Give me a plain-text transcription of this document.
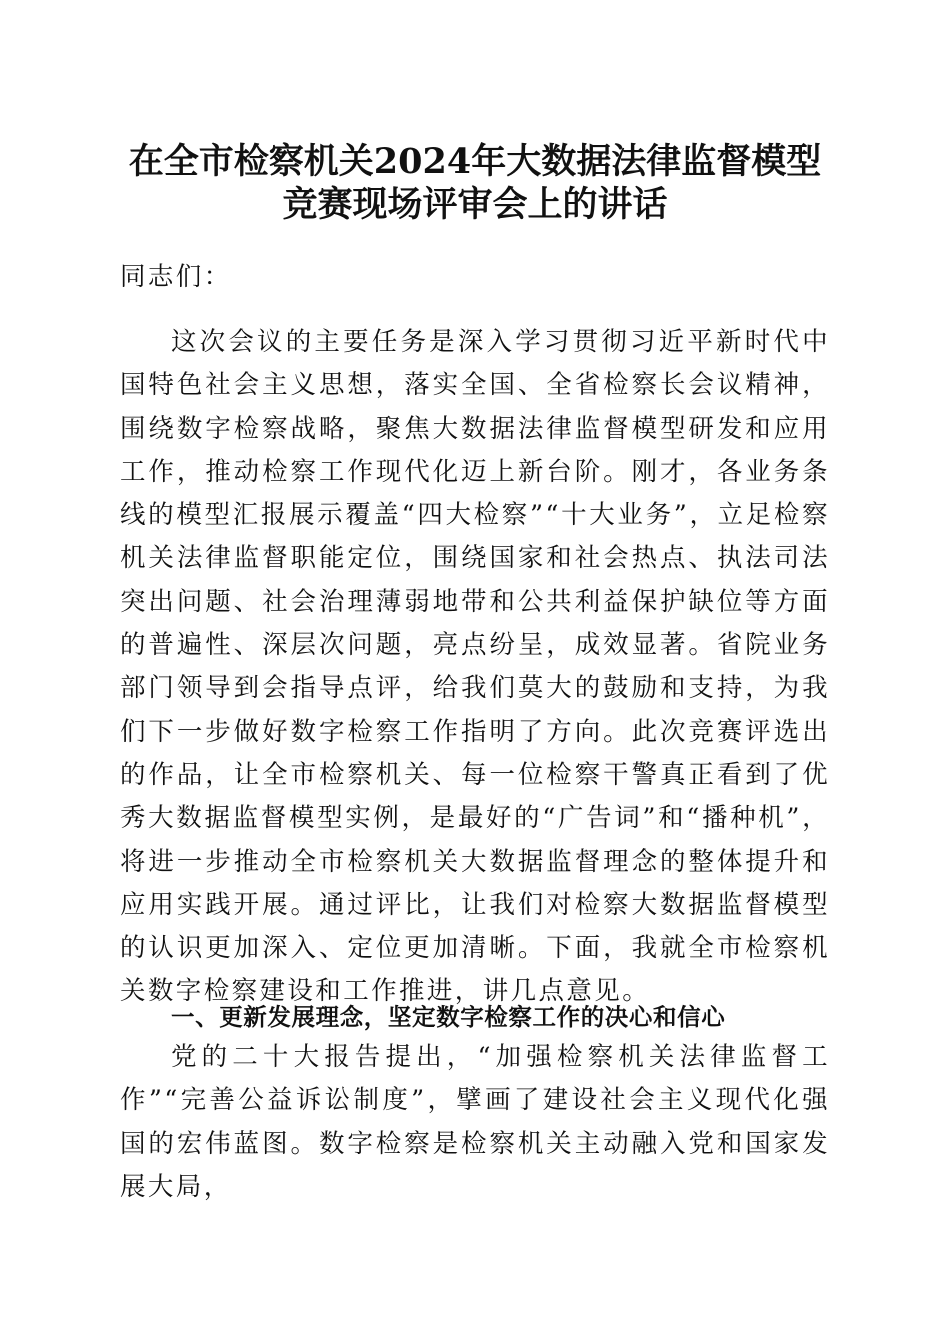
在全市检察机关2024年大数据法律监督模型
竞赛现场评审会上的讲话

同志们：

这次会议的主要任务是深入学习贯彻习近平新时代中国特色社会主义思想，落实全国、全省检察长会议精神，围绕数字检察战略，聚焦大数据法律监督模型研发和应用工作，推动检察工作现代化迈上新台阶。刚才，各业务条线的模型汇报展示覆盖“四大检察”“十大业务”，立足检察机关法律监督职能定位，围绕国家和社会热点、执法司法突出问题、社会治理薄弱地带和公共利益保护缺位等方面的普遍性、深层次问题，亮点纷呈，成效显著。省院业务部门领导到会指导点评，给我们莫大的鼓励和支持，为我们下一步做好数字检察工作指明了方向。此次竞赛评选出的作品，让全市检察机关、每一位检察干警真正看到了优秀大数据监督模型实例，是最好的“广告词”和“播种机”，将进一步推动全市检察机关大数据监督理念的整体提升和应用实践开展。通过评比，让我们对检察大数据监督模型的认识更加深入、定位更加清晰。下面，我就全市检察机关数字检察建设和工作推进，讲几点意见。

一、更新发展理念，坚定数字检察工作的决心和信心

党的二十大报告提出，“加强检察机关法律监督工作”“完善公益诉讼制度”，擘画了建设社会主义现代化强国的宏伟蓝图。数字检察是检察机关主动融入党和国家发展大局，
